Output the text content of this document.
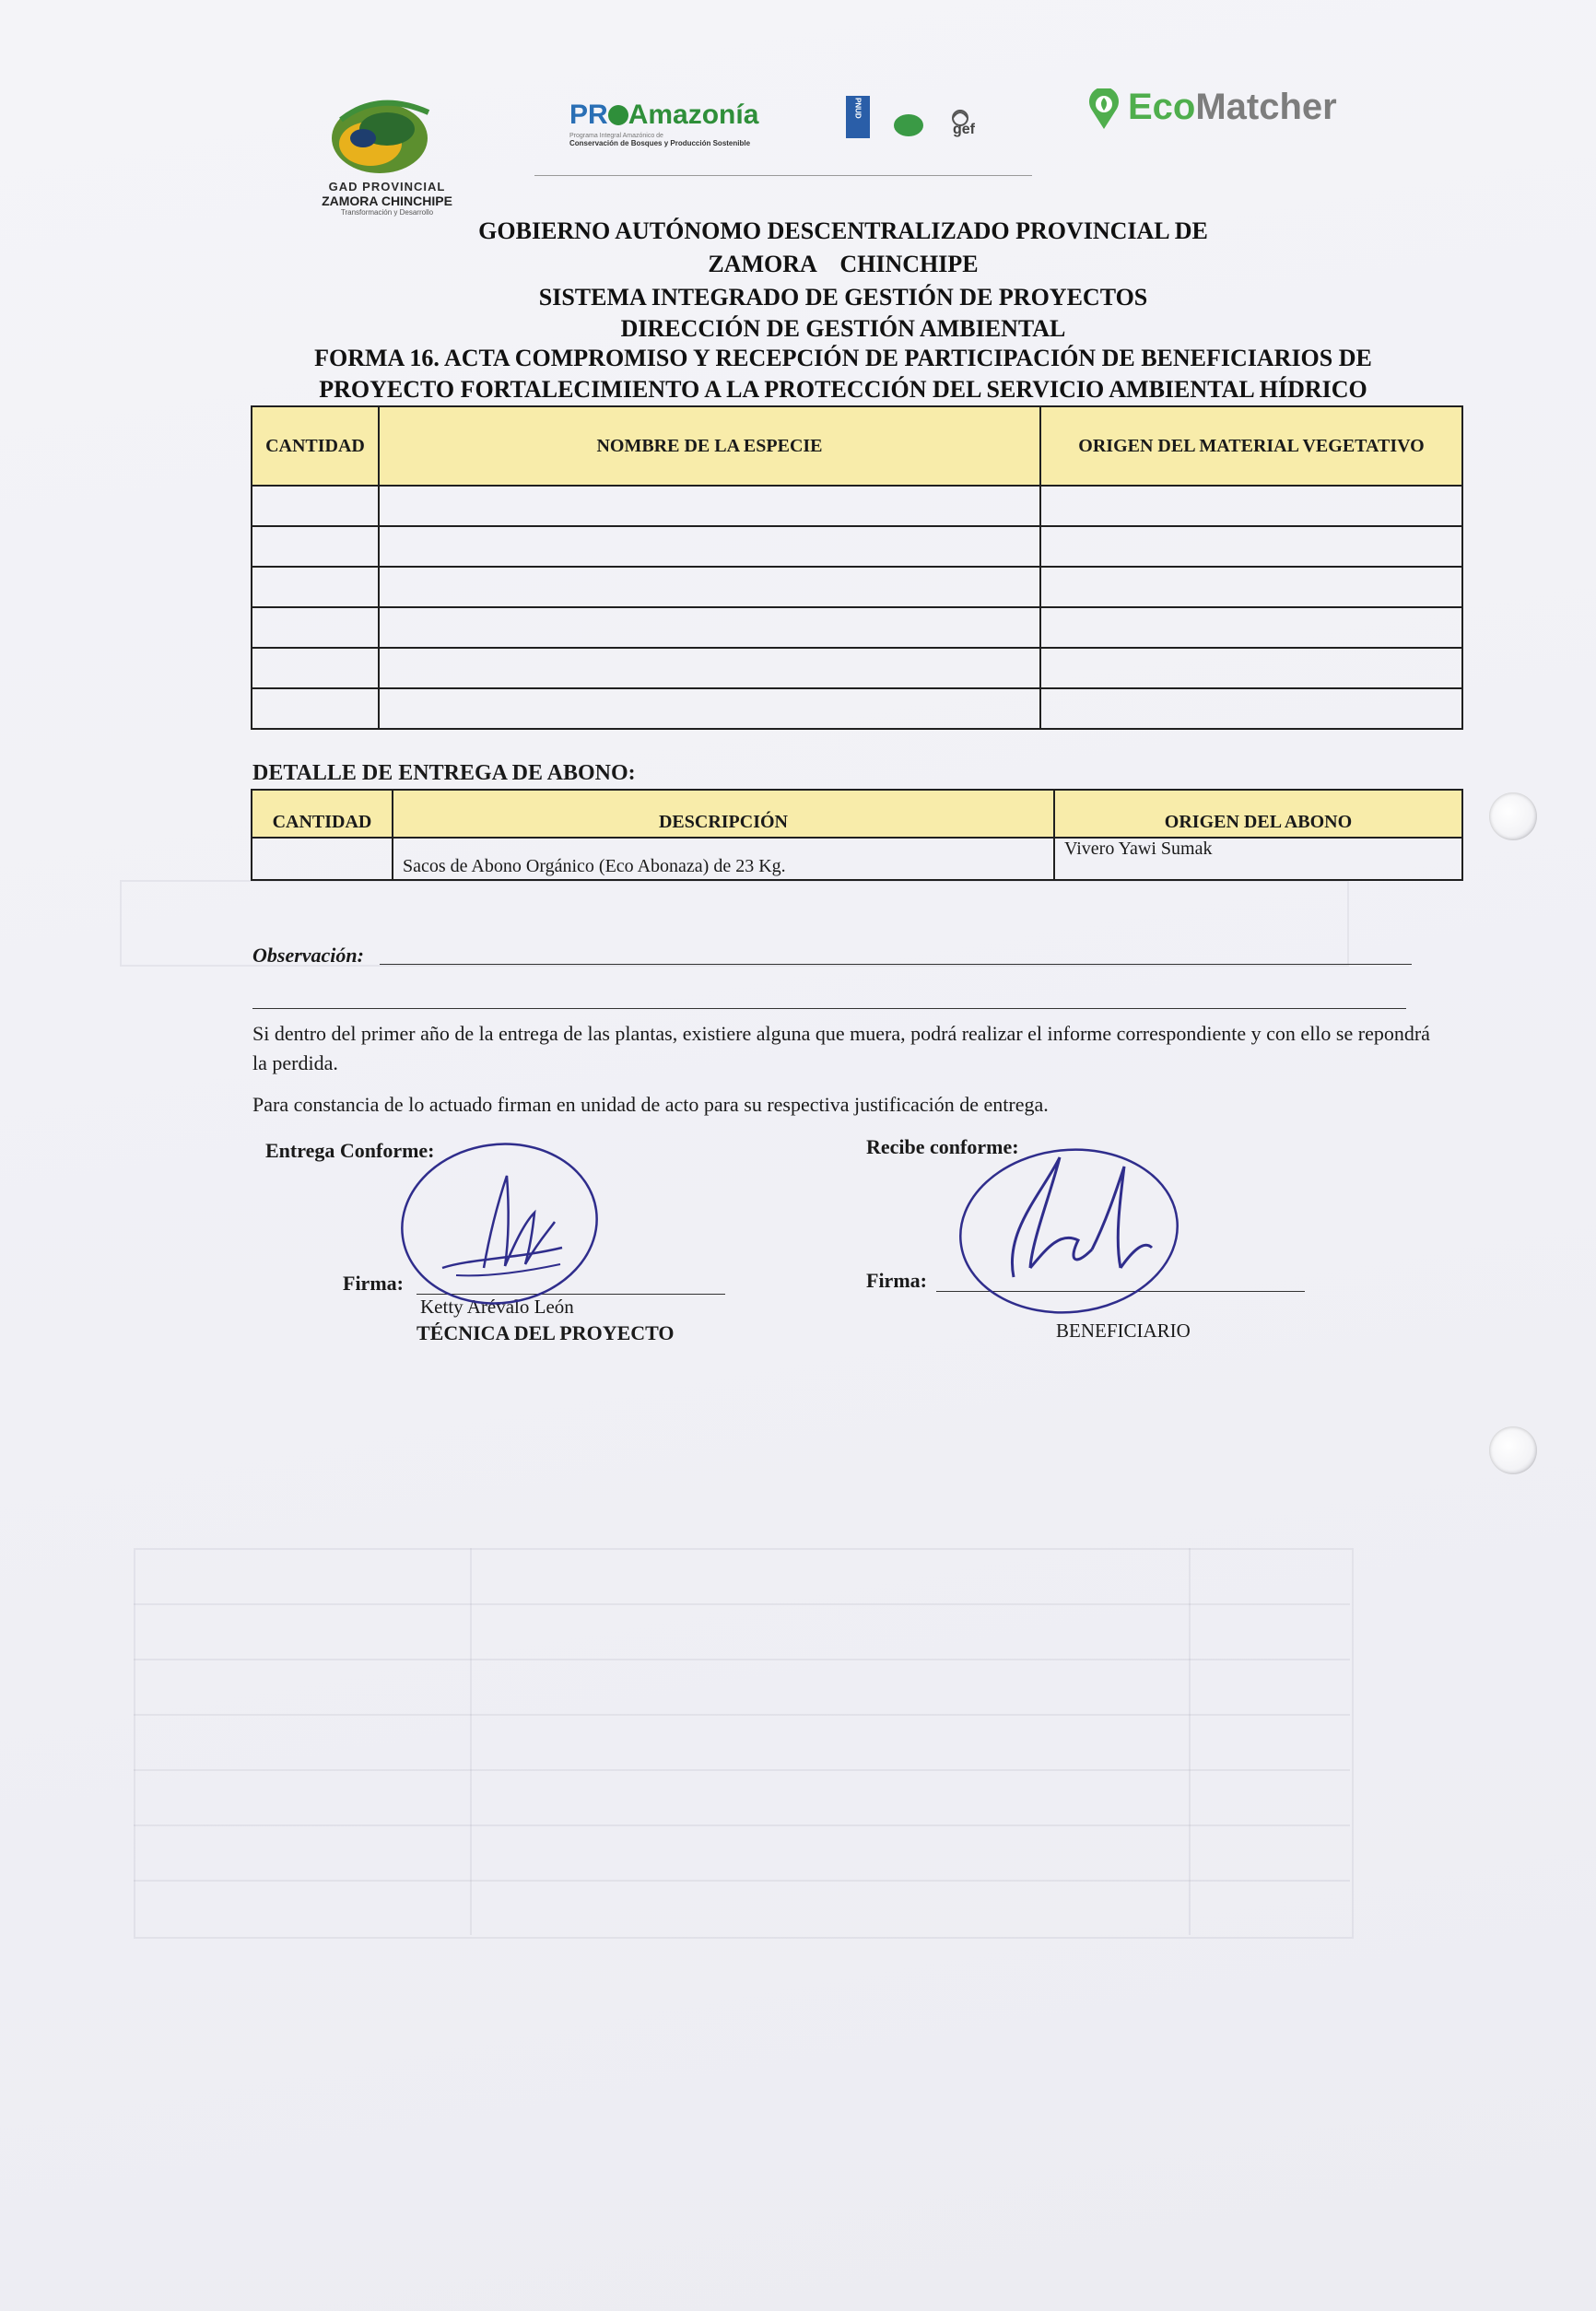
GAD PROVINCIAL
ZAMORA CHINCHIPE
Transformación y Desarrollo
PR Amazonía
Programa Integral Amazónico de
Conservación de Bosques y Producción Sostenible
PNUD
gef
EcoMatcher
GOBIERNO AUTÓNOMO DESCENTRALIZADO PROVINCIAL DE
ZAMORA    CHINCHIPE
SISTEMA INTEGRADO DE GESTIÓN DE PROYECTOS
DIRECCIÓN DE GESTIÓN AMBIENTAL
FORMA 16. ACTA COMPROMISO Y RECEPCIÓN DE PARTICIPACIÓN DE BENEFICIARIOS DE
PROYECTO FORTALECIMIENTO A LA PROTECCIÓN DEL SERVICIO AMBIENTAL HÍDRICO
CANTIDAD	NOMBRE DE LA ESPECIE	ORIGEN DEL MATERIAL VEGETATIVO

DETALLE DE ENTREGA DE ABONO:
CANTIDAD	DESCRIPCIÓN	ORIGEN DEL ABONO
	Sacos de Abono Orgánico (Eco Abonaza) de 23 Kg.	Vivero Yawi Sumak
Observación:
Si dentro del primer año de la entrega de las plantas, existiere alguna que muera, podrá realizar el informe correspondiente y con ello se repondrá la perdida.
Para constancia de lo actuado firman en unidad de acto para su respectiva justificación de entrega.
Entrega Conforme:
Firma:
Ketty Arévalo León
TÉCNICA DEL PROYECTO
Recibe conforme:
Firma:
BENEFICIARIO
